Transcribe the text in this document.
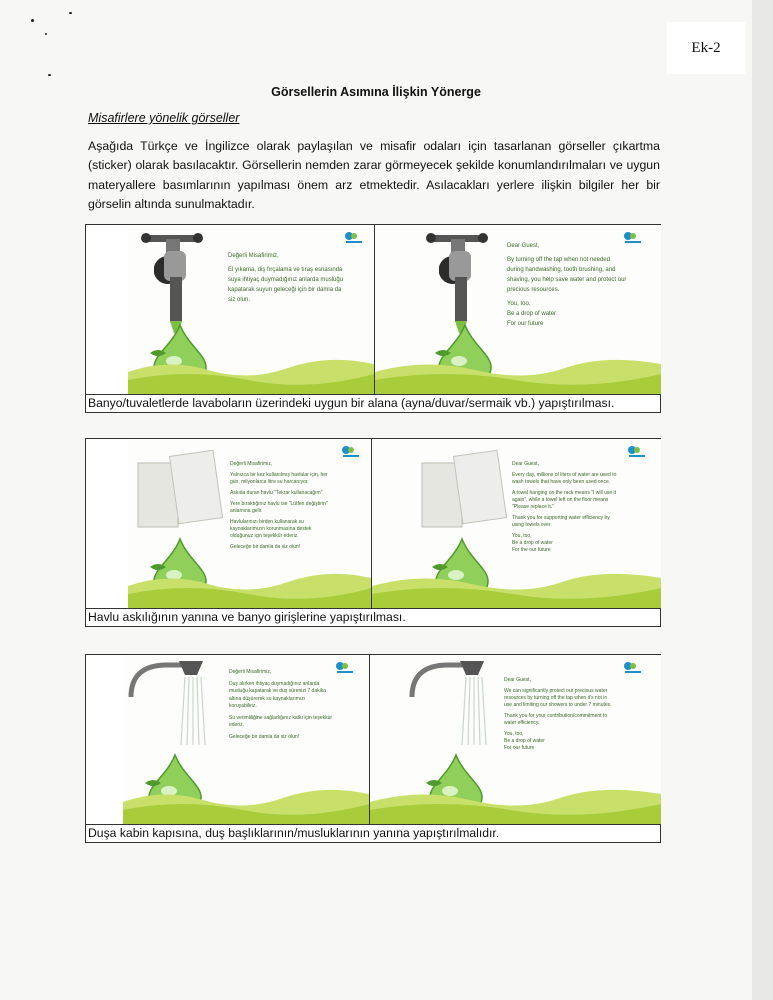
Ek-2
Görsellerin Asımına İlişkin Yönerge
Misafirlere yönelik görseller
Aşağıda Türkçe ve İngilizce olarak paylaşılan ve misafir odaları için tasarlanan görseller çıkartma (sticker) olarak basılacaktır. Görsellerin nemden zarar görmeyecek şekilde konumlandırılmaları ve uygun materyallere basımlarının yapılması önem arz etmektedir. Asılacakları yerlere ilişkin bilgiler her bir görselin altında sunulmaktadır.

Değerli Misafirimiz,

El yıkama, diş fırçalama ve tıraş esnasında suya ihtiyaç duymadığınız anlarda musluğu kapatarak suyun geleceği için bir damla da siz olun.

Dear Guest,

By turning off the tap when not needed during handwashing, tooth brushing, and shaving, you help save water and protect our precious resources.

You, too,

Be a drop of water

For our future

Banyo/tuvaletlerde lavaboların üzerindeki uygun bir alana (ayna/duvar/sermaik vb.) yapıştırılması.

Değerli Misafirimiz,

Yalnızca bir kez kullanılmış havlular için, her gün, milyonlarca litre su harcanıyor.

Askıda duran havlu "Tekrar kullanacağım"

Yere bıraktığınız havlu ise "Lütfen değiştirin" anlamına gelir.

Havlularınızı birden kullanarak su kaynaklarımızın korunmasına destek olduğunuz için teşekkür ederiz.

Geleceğe bir damla da siz olun!

Dear Guest,

Every day, millions of liters of water are used to wash towels that have only been used once.

A towel hanging on the rack means "I will use it again", while a towel left on the floor means "Please replace it."

Thank you for supporting water efficiency by using towels over.

You, too,

Be a drop of water

For the our future

Havlu askılığının yanına ve banyo girişlerine yapıştırılması.

Değerli Misafirimiz,

Duş alırken ihtiyaç duymadığınız anlarda musluğu kapatarak ve duş sürenizi 7 dakika altına düşürerek su kaynaklarımızı koruyabiliriz.

Su verimliliğine sağladığınız katkı için teşekkür ederiz.

Geleceğe bir damla da siz olun!

Dear Guest,

We can significantly protect our precious water resources by turning off the tap when it's not in use and limiting our showers to under 7 minutes.

Thank you for your contribution/commitment to water efficiency.

You, too,

Be a drop of water

For our future

Duşa kabin kapısına, duş başlıklarının/musluklarının yanına yapıştırılmalıdır.
